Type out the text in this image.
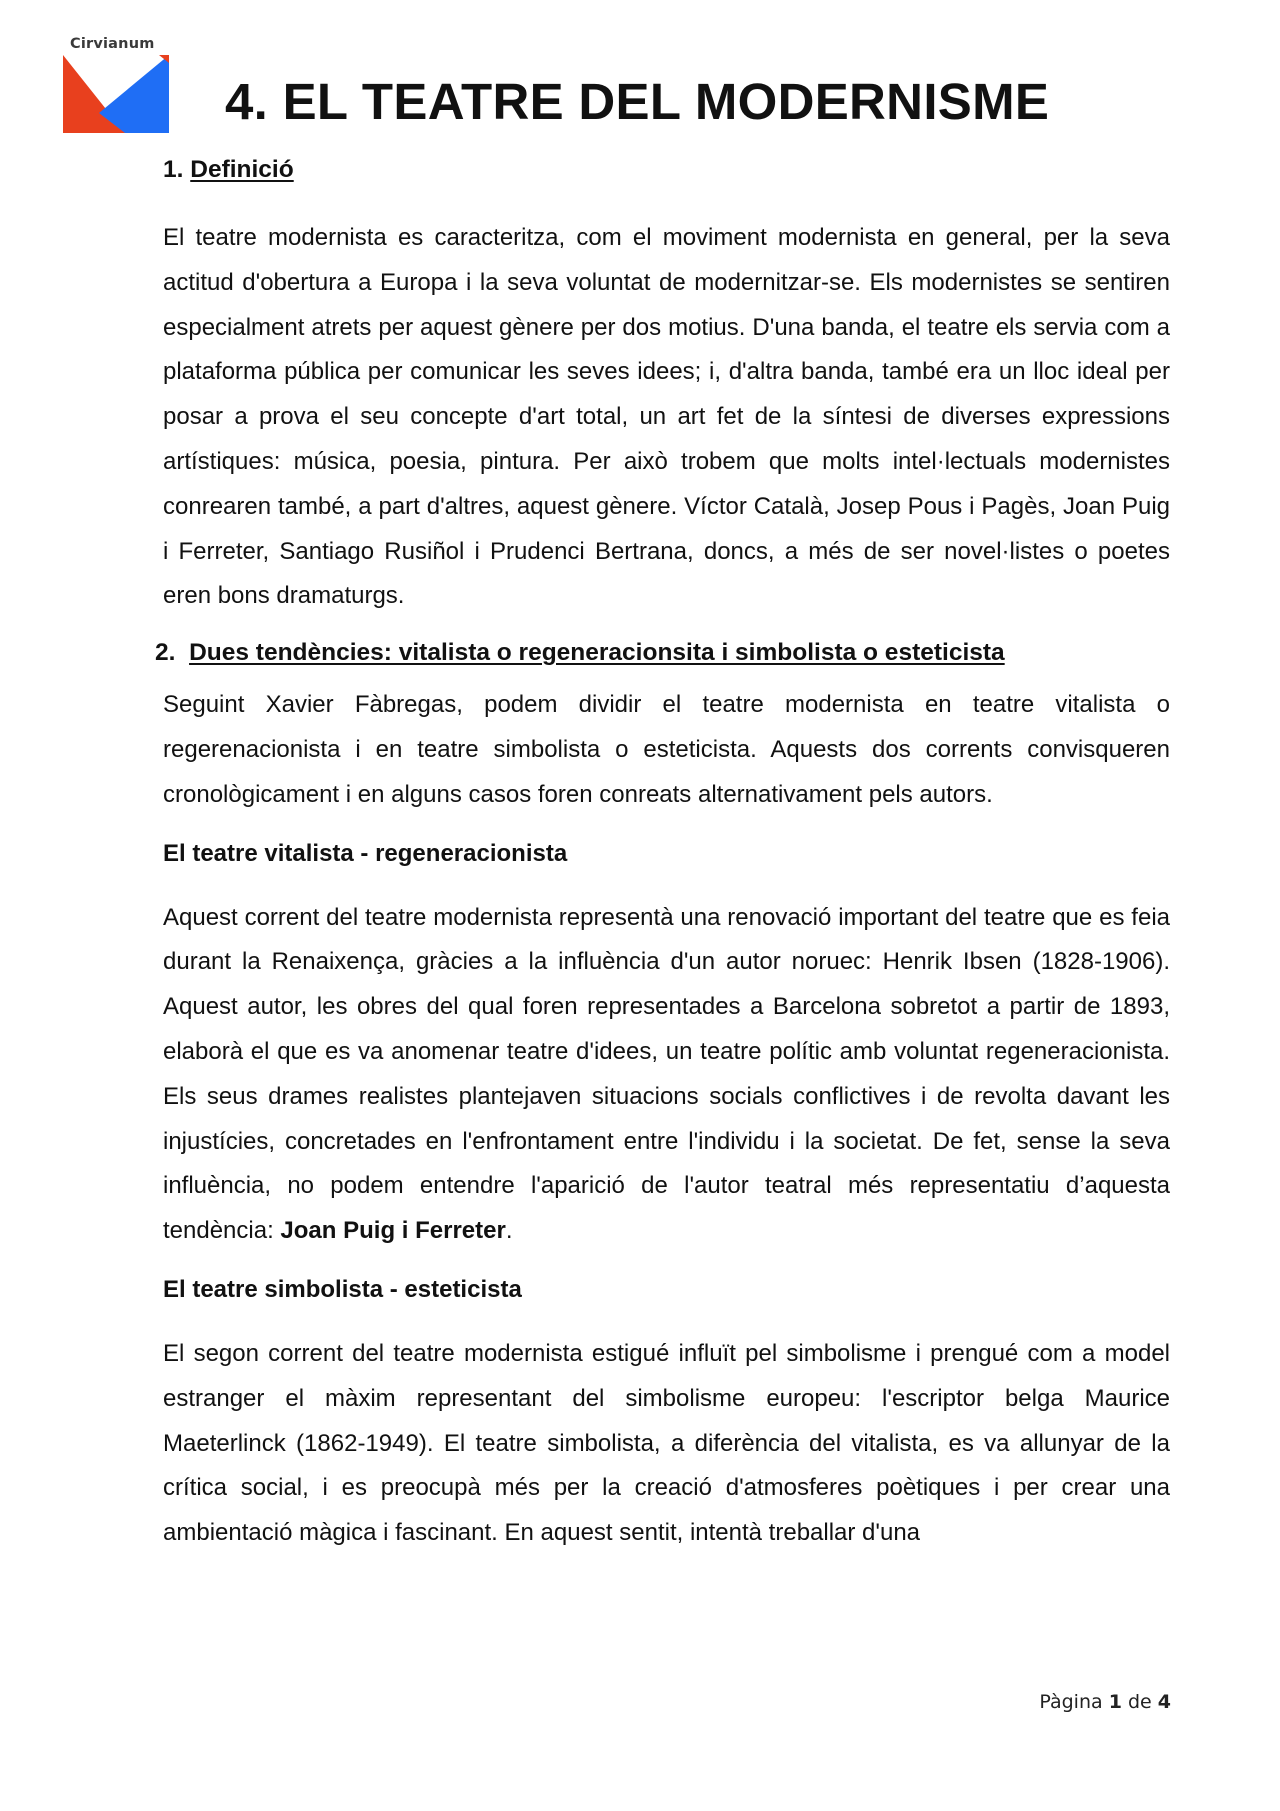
Cirvianum
4. EL TEATRE DEL MODERNISME

1. Definició

El teatre modernista es caracteritza, com el moviment modernista en general, per la seva actitud d'obertura a Europa i la seva voluntat de modernitzar-se. Els modernistes se sentiren especialment atrets per aquest gènere per dos motius. D'una banda, el teatre els servia com a plataforma pública per comunicar les seves idees; i, d'altra banda, també era un lloc ideal per posar a prova el seu concepte d'art total, un art fet de la síntesi de diverses expressions artístiques: música, poesia, pintura. Per això trobem que molts intel·lectuals modernistes conrearen també, a part d'altres, aquest gènere. Víctor Català, Josep Pous i Pagès, Joan Puig i Ferreter, Santiago Rusiñol i Prudenci Bertrana, doncs, a més de ser novel·listes o poetes eren bons dramaturgs.

2. Dues tendències: vitalista o regeneracionsita i simbolista o esteticista

Seguint Xavier Fàbregas, podem dividir el teatre modernista en teatre vitalista o regerenacionista i en teatre simbolista o esteticista. Aquests dos corrents convisqueren cronològicament i en alguns casos foren conreats alternativament pels autors.

El teatre vitalista - regeneracionista

Aquest corrent del teatre modernista representà una renovació important del teatre que es feia durant la Renaixença, gràcies a la influència d'un autor noruec: Henrik Ibsen (1828-1906). Aquest autor, les obres del qual foren representades a Barcelona sobretot a partir de 1893, elaborà el que es va anomenar teatre d'idees, un teatre polític amb voluntat regeneracionista. Els seus drames realistes plantejaven situacions socials conflictives i de revolta davant les injustícies, concretades en l'enfrontament entre l'individu i la societat. De fet, sense la seva influència, no podem entendre l'aparició de l'autor teatral més representatiu d’aquesta tendència: Joan Puig i Ferreter.

El teatre simbolista - esteticista

El segon corrent del teatre modernista estigué influït pel simbolisme i prengué com a model estranger el màxim representant del simbolisme europeu: l'escriptor belga Maurice Maeterlinck (1862-1949). El teatre simbolista, a diferència del vitalista, es va allunyar de la crítica social, i es preocupà més per la creació d'atmosferes poètiques i per crear una ambientació màgica i fascinant. En aquest sentit, intentà treballar d'una

Pàgina 1 de 4
